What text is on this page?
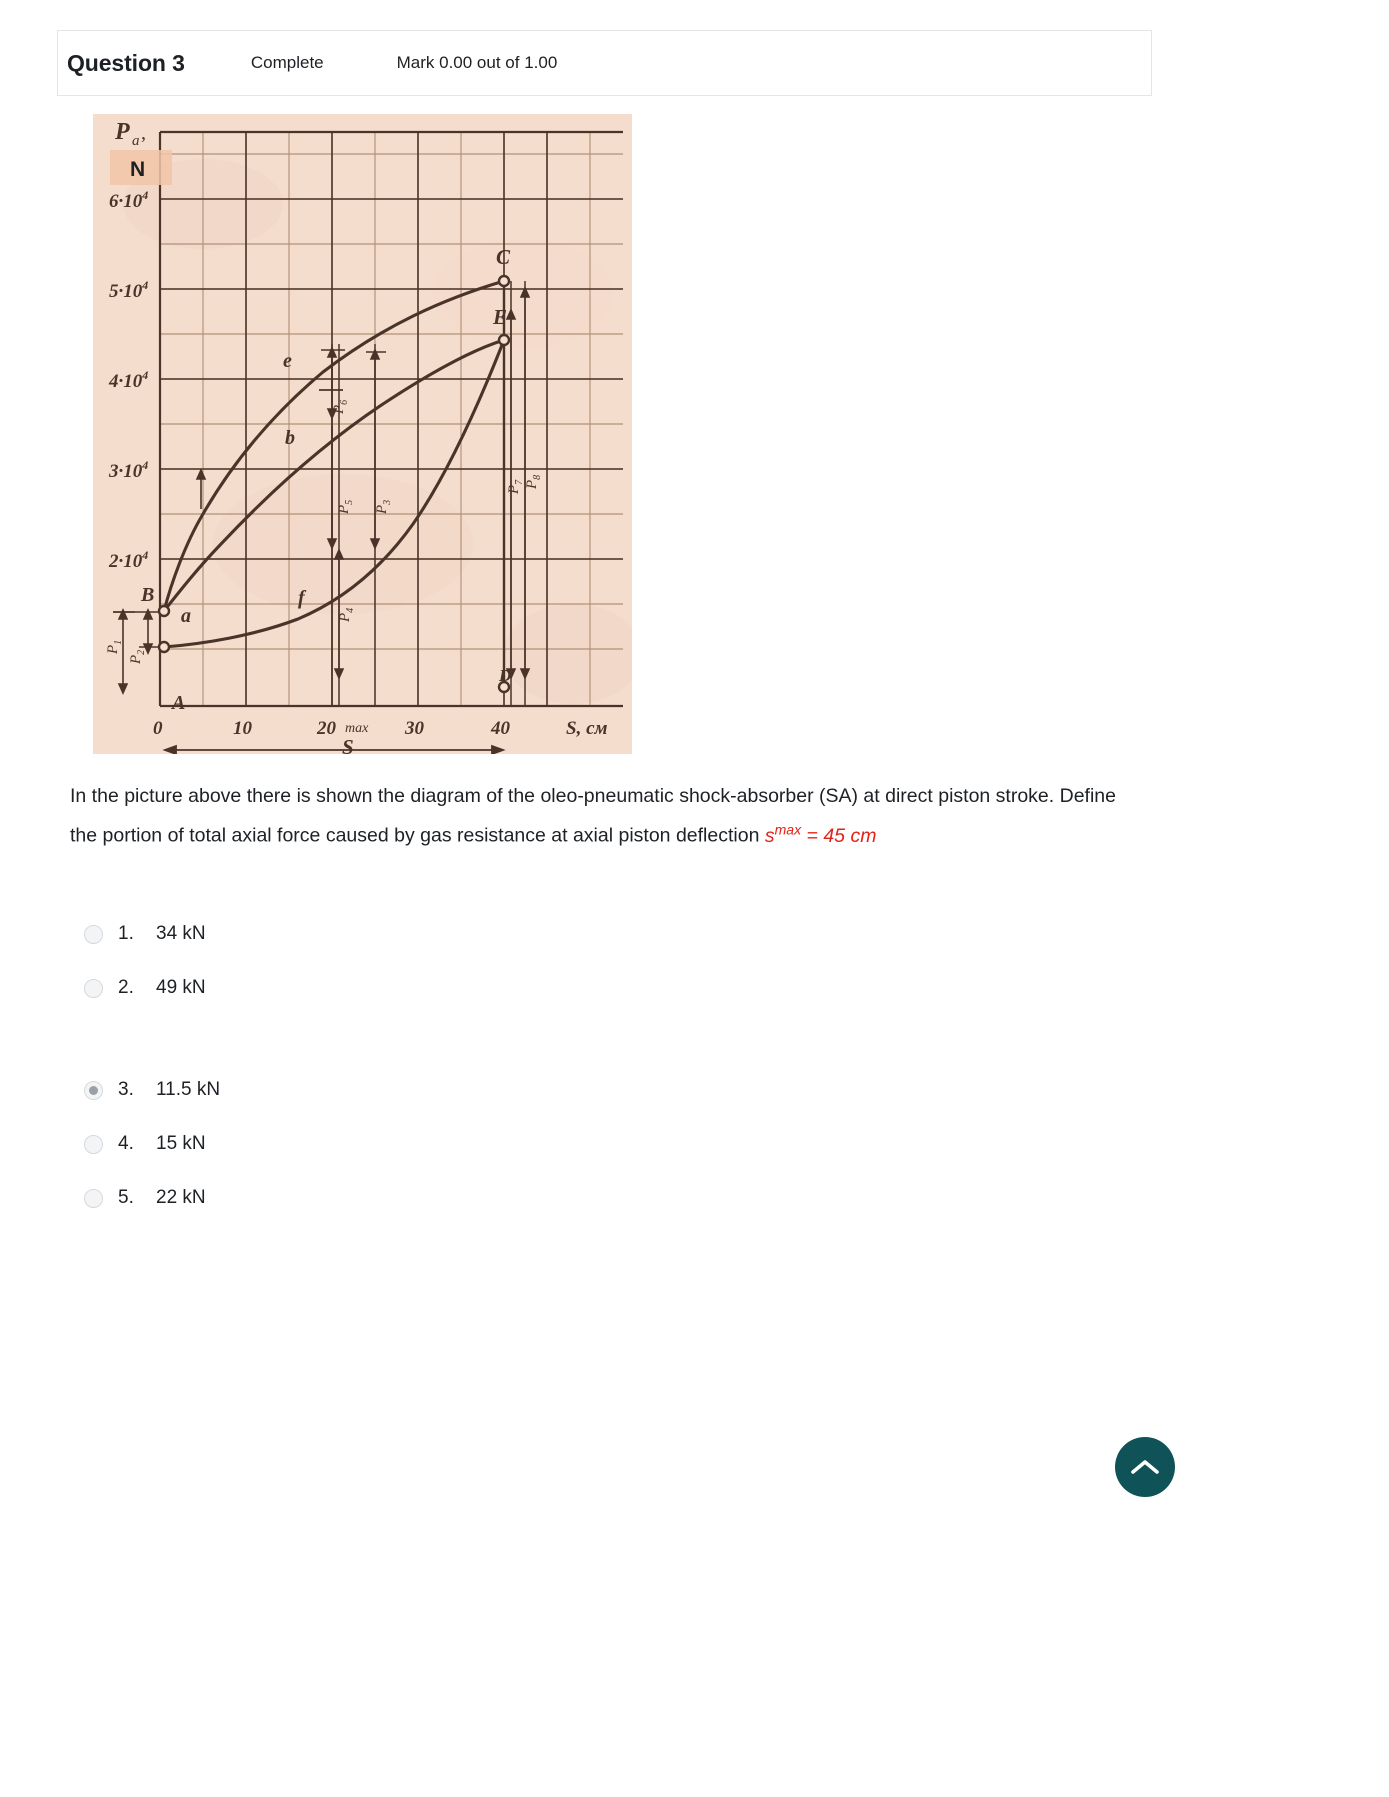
Question 3	Complete	Mark 0.00 out of 1.00
P a ,
N
$6\cdot 10^4$
$5\cdot 10^4$
$4\cdot 10^4$
$3\cdot 10^4$
$2\cdot 10^4$
0	10	20	30	40	S, см
max
S
A
B
C
E
D
a
e
b
f
$P_1$
$P_2$
$P_3$
$P_4$
$P_5$
$P_6$
$P_7$ $P_8$
In the picture above there is shown the diagram of the oleo-pneumatic shock-absorber (SA) at direct piston stroke. Define the portion of total axial force caused by gas resistance at axial piston deflection $s^{max} = 45$ cm
1.	34 kN
2.	49 kN
3.	11.5 kN
4.	15 kN
5.	22 kN
